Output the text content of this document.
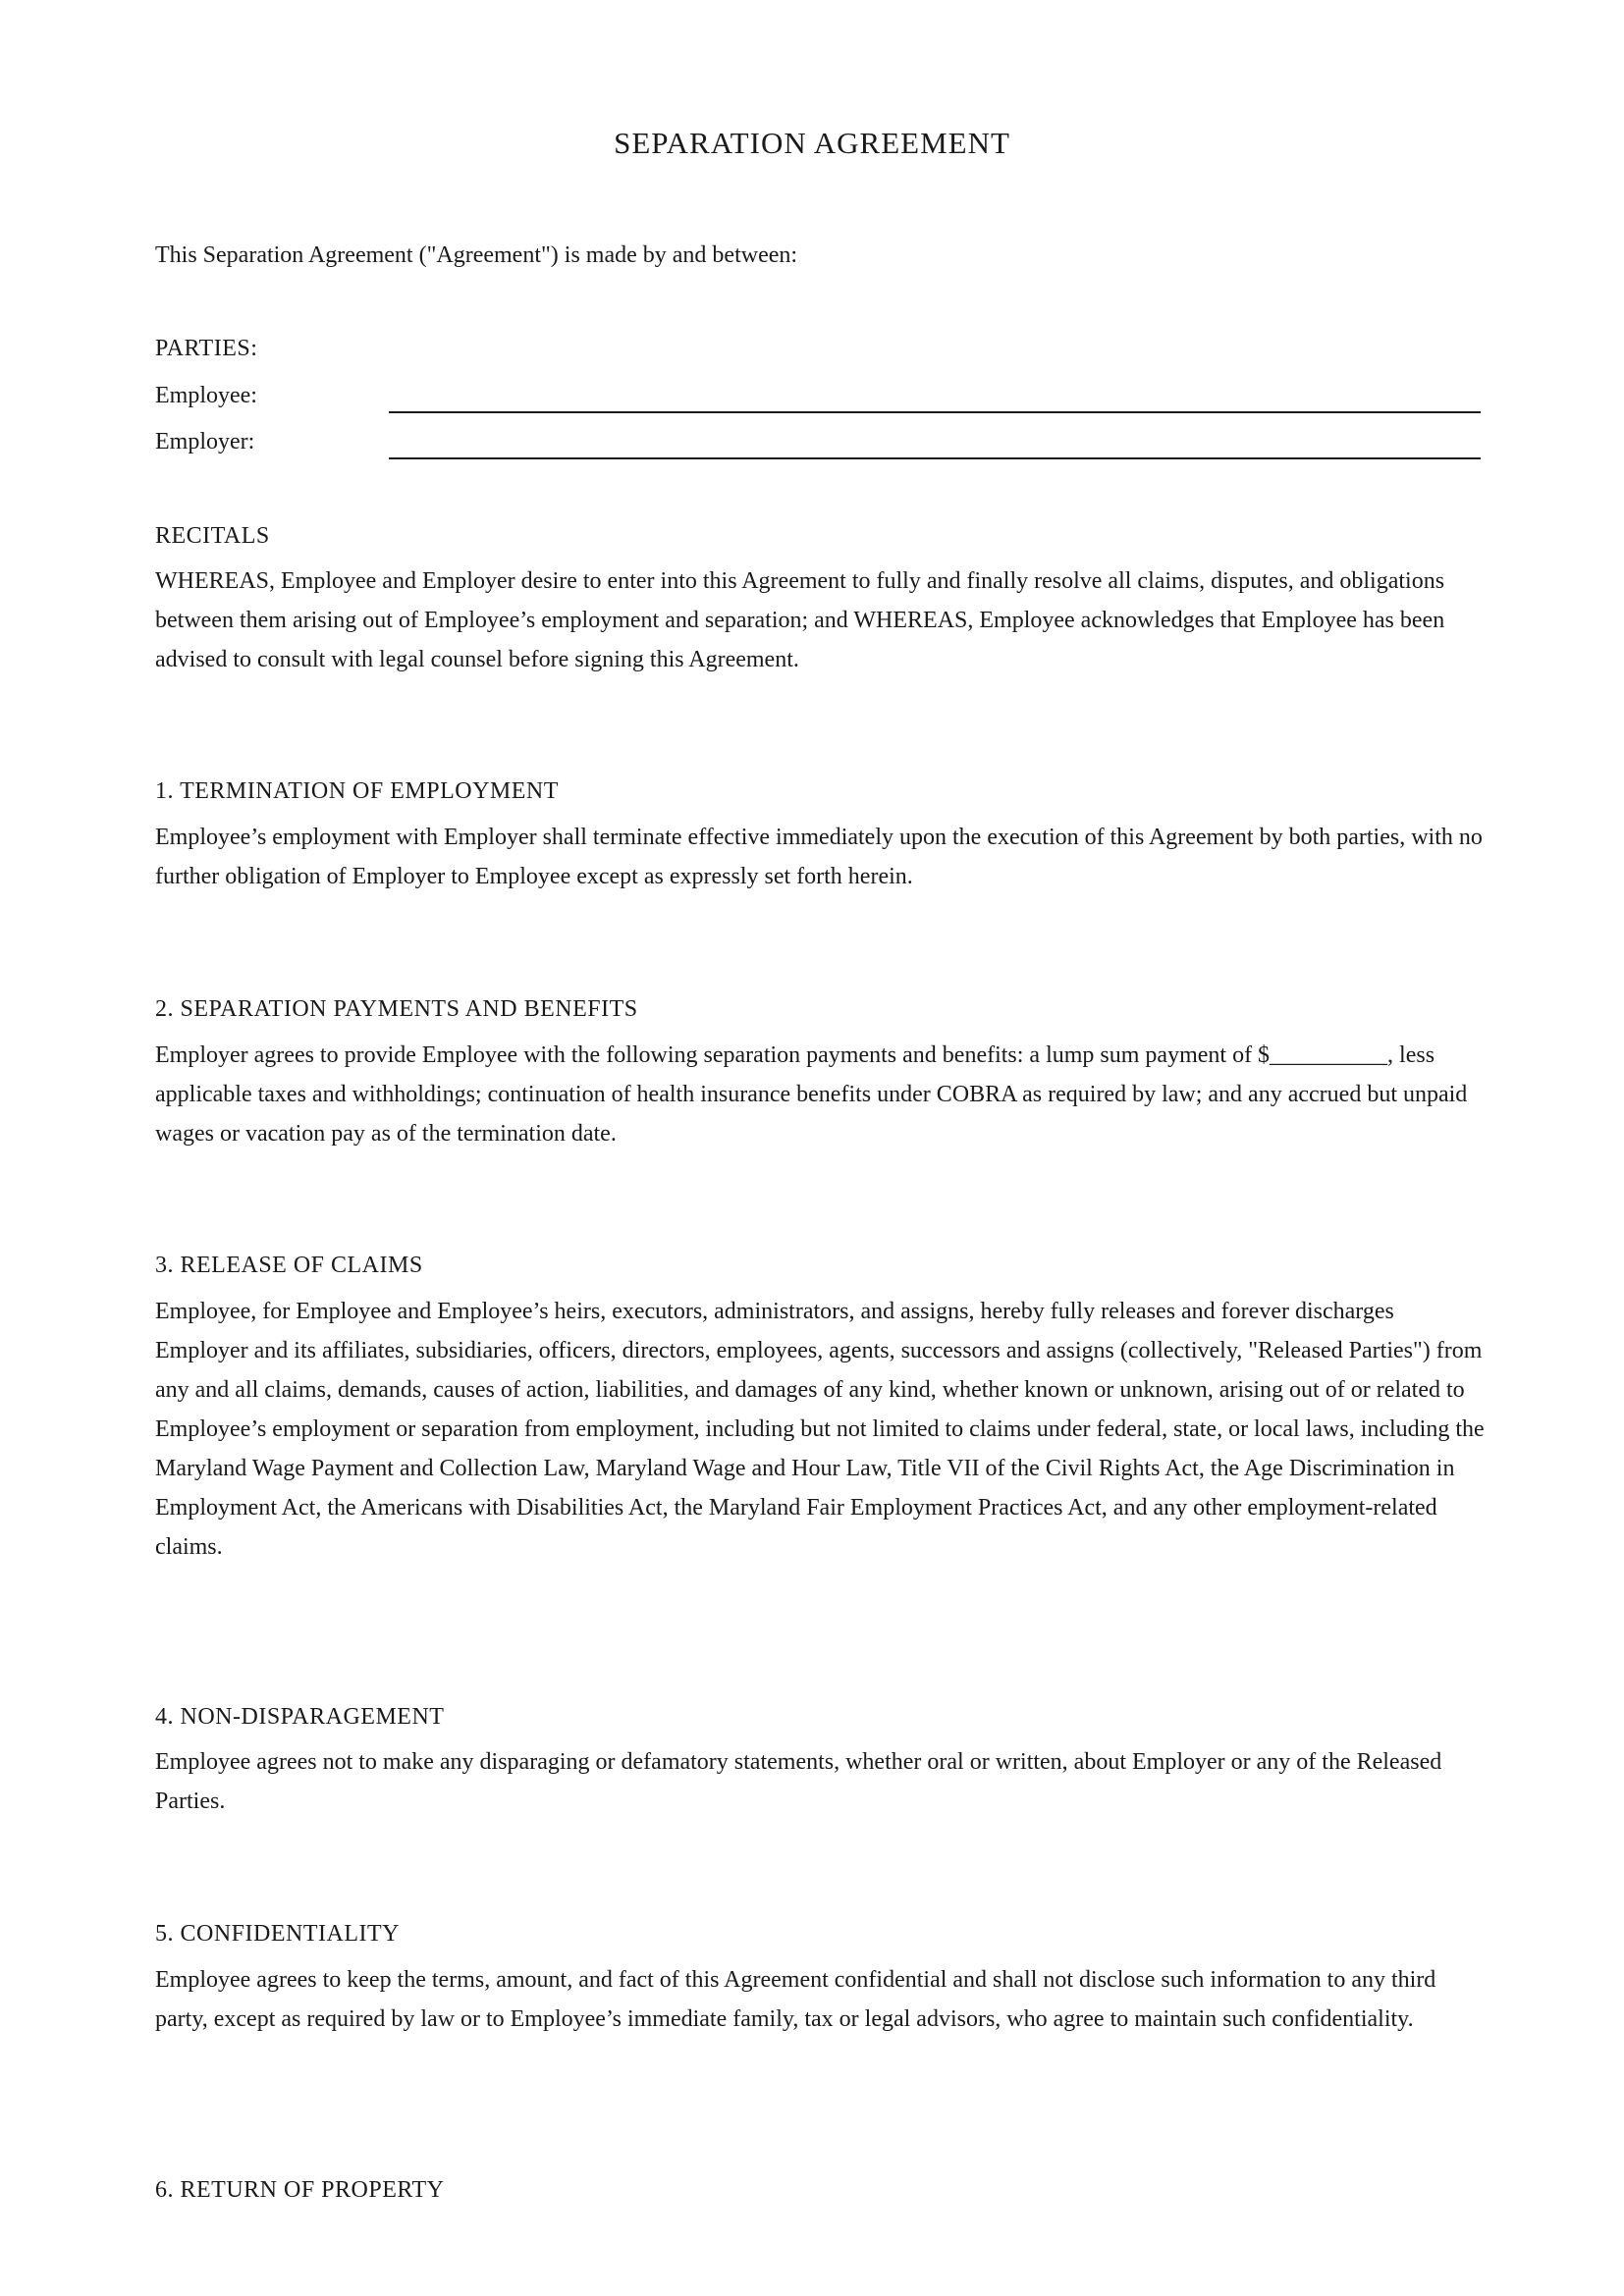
SEPARATION AGREEMENT

This Separation Agreement ("Agreement") is made by and between:

PARTIES:
Employee:
Employer:
RECITALS

WHEREAS, Employee and Employer desire to enter into this Agreement to fully and finally resolve all claims, disputes, and obligations between them arising out of Employee’s employment and separation; and WHEREAS, Employee acknowledges that Employee has been advised to consult with legal counsel before signing this Agreement.

1. TERMINATION OF EMPLOYMENT

Employee’s employment with Employer shall terminate effective immediately upon the execution of this Agreement by both parties, with no further obligation of Employer to Employee except as expressly set forth herein.

2. SEPARATION PAYMENTS AND BENEFITS

Employer agrees to provide Employee with the following separation payments and benefits: a lump sum payment of $__________, less applicable taxes and withholdings; continuation of health insurance benefits under COBRA as required by law; and any accrued but unpaid wages or vacation pay as of the termination date.

3. RELEASE OF CLAIMS

Employee, for Employee and Employee’s heirs, executors, administrators, and assigns, hereby fully releases and forever discharges Employer and its affiliates, subsidiaries, officers, directors, employees, agents, successors and assigns (collectively, "Released Parties") from any and all claims, demands, causes of action, liabilities, and damages of any kind, whether known or unknown, arising out of or related to Employee’s employment or separation from employment, including but not limited to claims under federal, state, or local laws, including the Maryland Wage Payment and Collection Law, Maryland Wage and Hour Law, Title VII of the Civil Rights Act, the Age Discrimination in Employment Act, the Americans with Disabilities Act, the Maryland Fair Employment Practices Act, and any other employment-related claims.

4. NON-DISPARAGEMENT

Employee agrees not to make any disparaging or defamatory statements, whether oral or written, about Employer or any of the Released Parties.

5. CONFIDENTIALITY

Employee agrees to keep the terms, amount, and fact of this Agreement confidential and shall not disclose such information to any third party, except as required by law or to Employee’s immediate family, tax or legal advisors, who agree to maintain such confidentiality.

6. RETURN OF PROPERTY
